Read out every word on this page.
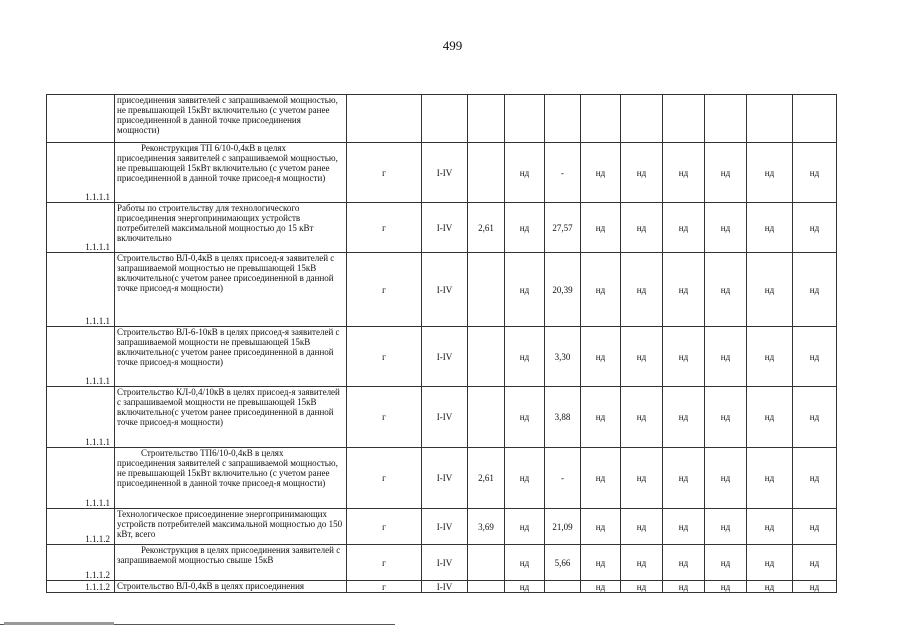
499
	присоединения заявителей с запрашиваемой мощностью, не превышающей 15кВт включительно (с учетом ранее присоединенной в данной точке присоединения мощности)											
1.1.1.1	Реконструкция ТП 6/10-0,4кВ в целях присоединения заявителей с запрашиваемой мощностью, не превышающей 15кВт включительно (с учетом ранее присоединенной в данной точке присоед-я мощности)	г	I-IV		нд	-	нд	нд	нд	нд	нд	нд
1.1.1.1	Работы по строительству для технологического присоединения энергопринимающих устройств потребителей максимальной мощностью до 15 кВт включительно	г	I-IV	2,61	нд	27,57	нд	нд	нд	нд	нд	нд
1.1.1.1	Строительство ВЛ-0,4кВ в целях присоед-я заявителей с запрашиваемой мощностью не превышающей 15кВ включительно(с учетом ранее присоединенной в данной точке присоед-я мощности)	г	I-IV		нд	20,39	нд	нд	нд	нд	нд	нд
1.1.1.1	Строительство ВЛ-6-10кВ в целях присоед-я заявителей с запрашиваемой мощности не превышающей 15кВ включительно(с учетом ранее присоединенной в данной точке присоед-я мощности)	г	I-IV		нд	3,30	нд	нд	нд	нд	нд	нд
1.1.1.1	Строительство КЛ-0,4/10кВ в целях присоед-я заявителей с запрашиваемой мощности не превышающей 15кВ включительно(с учетом ранее присоединенной в данной точке присоед-я мощности)	г	I-IV		нд	3,88	нд	нд	нд	нд	нд	нд
1.1.1.1	Строительство ТП6/10-0,4кВ в целях присоединения заявителей с запрашиваемой мощностью, не превышающей 15кВт включительно (с учетом ранее присоединенной в данной точке присоед-я мощности)	г	I-IV	2,61	нд	-	нд	нд	нд	нд	нд	нд
1.1.1.2	Технологическое присоединение энергопринимающих устройств потребителей максимальной мощностью до 150 кВт, всего	г	I-IV	3,69	нд	21,09	нд	нд	нд	нд	нд	нд
1.1.1.2	Реконструкция в целях присоединения заявителей с запрашиваемой мощностью свыше 15кВ	г	I-IV		нд	5,66	нд	нд	нд	нд	нд	нд
1.1.1.2	Строительство ВЛ-0,4кВ в целях присоединения	г	I-IV		нд		нд	нд	нд	нд	нд	нд
